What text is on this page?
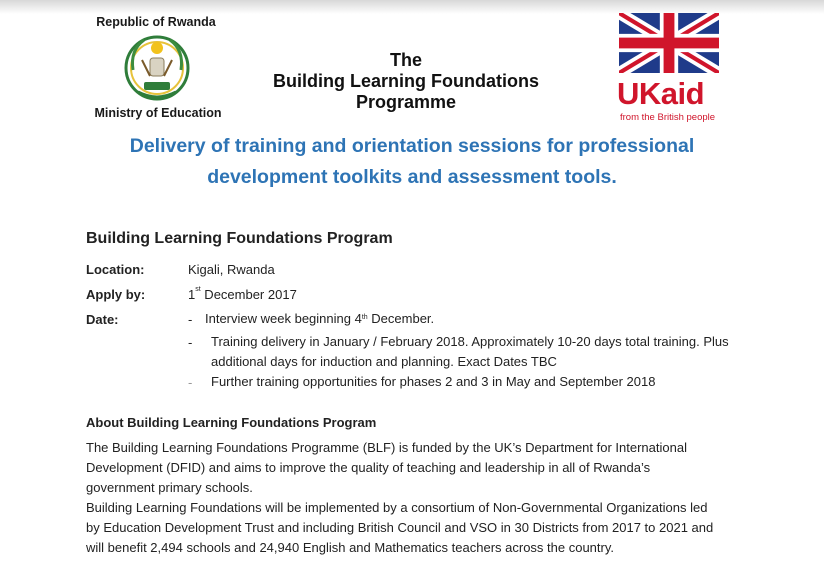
Republic of Rwanda
Ministry of Education
The
Building Learning Foundations
Programme	UKaid
from the British people
Delivery of training and orientation sessions for professional
development toolkits and assessment tools.
Building Learning Foundations Program
Location:	Kigali, Rwanda
Apply by:	1st December 2017
Date:	- Interview week beginning 4th December.
- Training delivery in January / February 2018. Approximately 10-20 days total training. Plus
additional days for induction and planning. Exact Dates TBC
- Further training opportunities for phases 2 and 3 in May and September 2018
About Building Learning Foundations Program
The Building Learning Foundations Programme (BLF) is funded by the UK’s Department for International
Development (DFID) and aims to improve the quality of teaching and leadership in all of Rwanda’s
government primary schools.
Building Learning Foundations will be implemented by a consortium of Non-Governmental Organizations led
by Education Development Trust and including British Council and VSO in 30 Districts from 2017 to 2021 and
will benefit 2,494 schools and 24,940 English and Mathematics teachers across the country.
